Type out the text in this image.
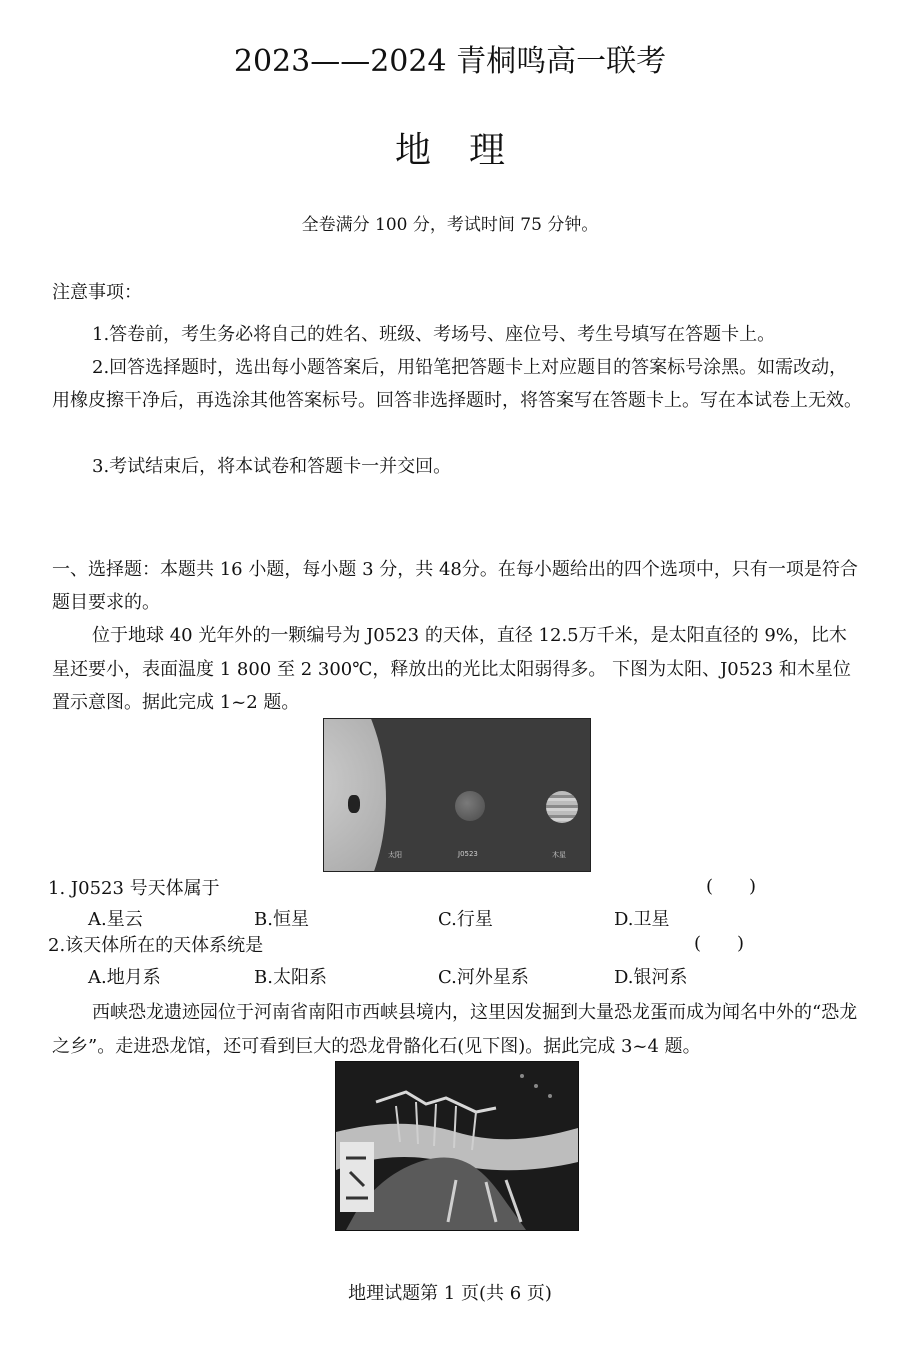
2023——2024 青桐鸣高一联考
地理
全卷满分 100 分，考试时间 75 分钟。
注意事项：
1.答卷前，考生务必将自己的姓名、班级、考场号、座位号、考生号填写在答题卡上。
2.回答选择题时，选出每小题答案后，用铅笔把答题卡上对应题目的答案标号涂黑。如需改动，用橡皮擦干净后，再选涂其他答案标号。回答非选择题时，将答案写在答题卡上。写在本试卷上无效。
3.考试结束后，将本试卷和答题卡一并交回。
一、选择题：本题共 16 小题，每小题 3 分，共 48分。在每小题给出的四个选项中，只有一项是符合题目要求的。
位于地球 40 光年外的一颗编号为 J0523 的天体，直径 12.5万千米，是太阳直径的 9%，比木星还要小，表面温度 1 800 至 2 300℃，释放出的光比太阳弱得多。 下图为太阳、J0523 和木星位置示意图。据此完成 1~2 题。
太阳	J0523	木星
1. J0523 号天体属于	(　　)
A.星云	B.恒星	C.行星	D.卫星
2.该天体所在的天体系统是	(　　)
A.地月系	B.太阳系	C.河外星系	D.银河系
西峡恐龙遗迹园位于河南省南阳市西峡县境内，这里因发掘到大量恐龙蛋而成为闻名中外的“恐龙之乡”。走进恐龙馆，还可看到巨大的恐龙骨骼化石(见下图)。据此完成 3~4 题。
地理试题第 1 页(共 6 页)
